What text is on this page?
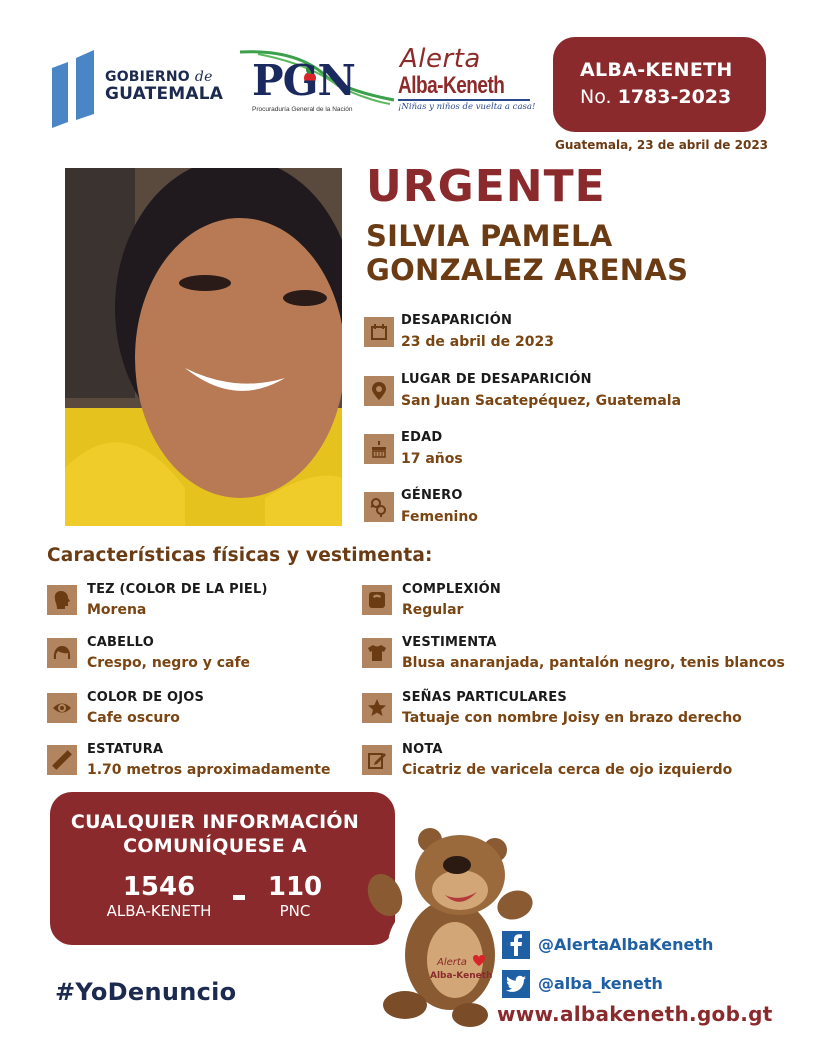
GOBIERNO de
GUATEMALA PGN
Procuraduría General de la Nación
Alerta
Alba-Keneth
¡Niñas y niños de vuelta a casa!
ALBA-KENETH
No. 1783-2023
Guatemala, 23 de abril de 2023
URGENTE
SILVIA PAMELA
GONZALEZ ARENAS
DESAPARICIÓN
23 de abril de 2023
LUGAR DE DESAPARICIÓN
San Juan Sacatepéquez, Guatemala
EDAD
17 años
GÉNERO
Femenino
Características físicas y vestimenta:
TEZ (COLOR DE LA PIEL)
Morena
CABELLO
Crespo, negro y cafe
COLOR DE OJOS
Cafe oscuro
ESTATURA
1.70 metros aproximadamente
COMPLEXIÓN
Regular
VESTIMENTA
Blusa anaranjada, pantalón negro, tenis blancos
SEÑAS PARTICULARES
Tatuaje con nombre Joisy en brazo derecho
NOTA
Cicatriz de varicela cerca de ojo izquierdo
CUALQUIER INFORMACIÓN
COMUNÍQUESE A
1546
ALBA-KENETH
110
PNC
Alerta
Alba-Keneth
@AlertaAlbaKeneth
@alba_keneth
www.albakeneth.gob.gt
#YoDenuncio
